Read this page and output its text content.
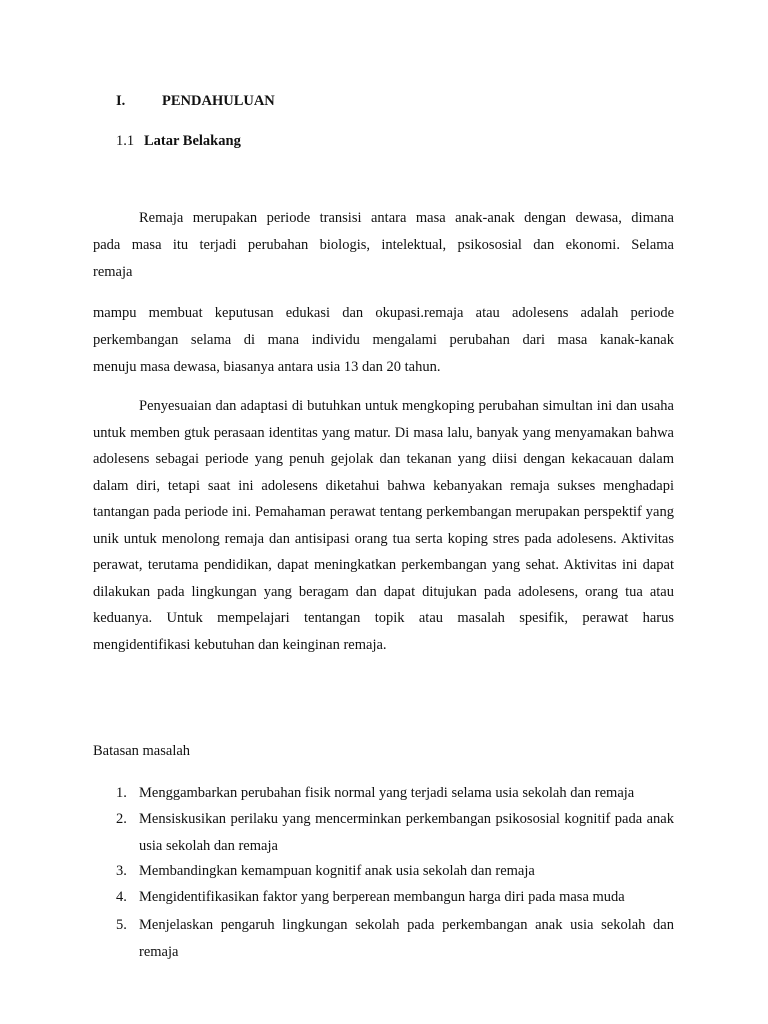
I.	PENDAHULUAN
1.1 Latar Belakang
Remaja merupakan periode transisi antara masa anak-anak dengan dewasa, dimana
pada masa itu terjadi perubahan biologis, intelektual, psikososial dan ekonomi. Selama
remaja
mampu membuat keputusan edukasi dan okupasi.remaja atau adolesens adalah periode
perkembangan selama di mana individu mengalami perubahan dari masa kanak-kanak
menuju masa dewasa, biasanya antara usia 13 dan 20 tahun.
Penyesuaian dan adaptasi di butuhkan untuk mengkoping perubahan simultan ini dan usaha untuk memben gtuk perasaan identitas yang matur. Di masa lalu, banyak yang menyamakan bahwa adolesens sebagai periode yang penuh gejolak dan tekanan yang diisi dengan kekacauan dalam dalam diri, tetapi saat ini adolesens diketahui bahwa kebanyakan remaja sukses menghadapi tantangan pada periode ini. Pemahaman perawat tentang perkembangan merupakan perspektif yang unik untuk menolong remaja dan antisipasi orang tua serta koping stres pada adolesens. Aktivitas perawat, terutama pendidikan, dapat meningkatkan perkembangan yang sehat. Aktivitas ini dapat dilakukan pada lingkungan yang beragam dan dapat ditujukan pada adolesens, orang tua atau keduanya. Untuk mempelajari tentangan topik atau masalah spesifik, perawat harus mengidentifikasi kebutuhan dan keinginan remaja.
Batasan masalah
1. Menggambarkan perubahan fisik normal yang terjadi selama usia sekolah dan remaja
2. Mensiskusikan perilaku yang mencerminkan perkembangan psikososial kognitif pada anak usia sekolah dan remaja
3. Membandingkan kemampuan kognitif anak usia sekolah dan remaja
4. Mengidentifikasikan faktor yang berperean membangun harga diri pada masa muda
5. Menjelaskan pengaruh lingkungan sekolah pada perkembangan anak usia sekolah dan remaja
